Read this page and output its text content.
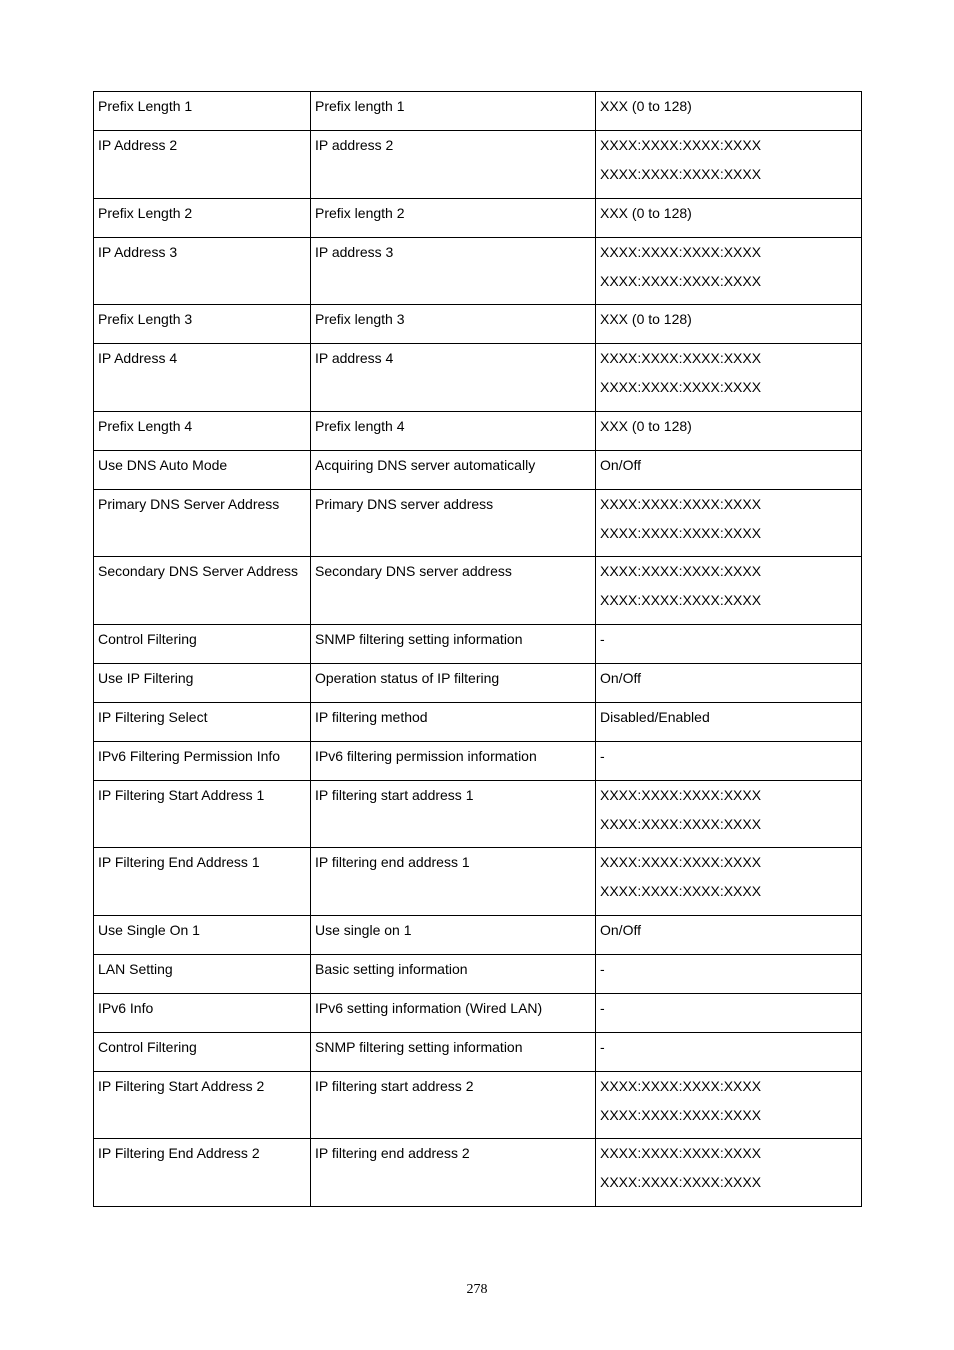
Prefix Length 1	Prefix length 1	XXX (0 to 128)

IP Address 2	IP address 2	XXXX:XXXX:XXXX:XXXX
XXXX:XXXX:XXXX:XXXX

Prefix Length 2	Prefix length 2	XXX (0 to 128)

IP Address 3	IP address 3	XXXX:XXXX:XXXX:XXXX
XXXX:XXXX:XXXX:XXXX

Prefix Length 3	Prefix length 3	XXX (0 to 128)

IP Address 4	IP address 4	XXXX:XXXX:XXXX:XXXX
XXXX:XXXX:XXXX:XXXX

Prefix Length 4	Prefix length 4	XXX (0 to 128)

Use DNS Auto Mode	Acquiring DNS server automatically	On/Off

Primary DNS Server Address	Primary DNS server address	XXXX:XXXX:XXXX:XXXX
XXXX:XXXX:XXXX:XXXX

Secondary DNS Server Address	Secondary DNS server address	XXXX:XXXX:XXXX:XXXX
XXXX:XXXX:XXXX:XXXX

Control Filtering	SNMP filtering setting information	-

Use IP Filtering	Operation status of IP filtering	On/Off

IP Filtering Select	IP filtering method	Disabled/Enabled

IPv6 Filtering Permission Info	IPv6 filtering permission information	-

IP Filtering Start Address 1	IP filtering start address 1	XXXX:XXXX:XXXX:XXXX
XXXX:XXXX:XXXX:XXXX

IP Filtering End Address 1	IP filtering end address 1	XXXX:XXXX:XXXX:XXXX
XXXX:XXXX:XXXX:XXXX

Use Single On 1	Use single on 1	On/Off

LAN Setting	Basic setting information	-

IPv6 Info	IPv6 setting information (Wired LAN)	-

Control Filtering	SNMP filtering setting information	-

IP Filtering Start Address 2	IP filtering start address 2	XXXX:XXXX:XXXX:XXXX
XXXX:XXXX:XXXX:XXXX

IP Filtering End Address 2	IP filtering end address 2	XXXX:XXXX:XXXX:XXXX
XXXX:XXXX:XXXX:XXXX
278
